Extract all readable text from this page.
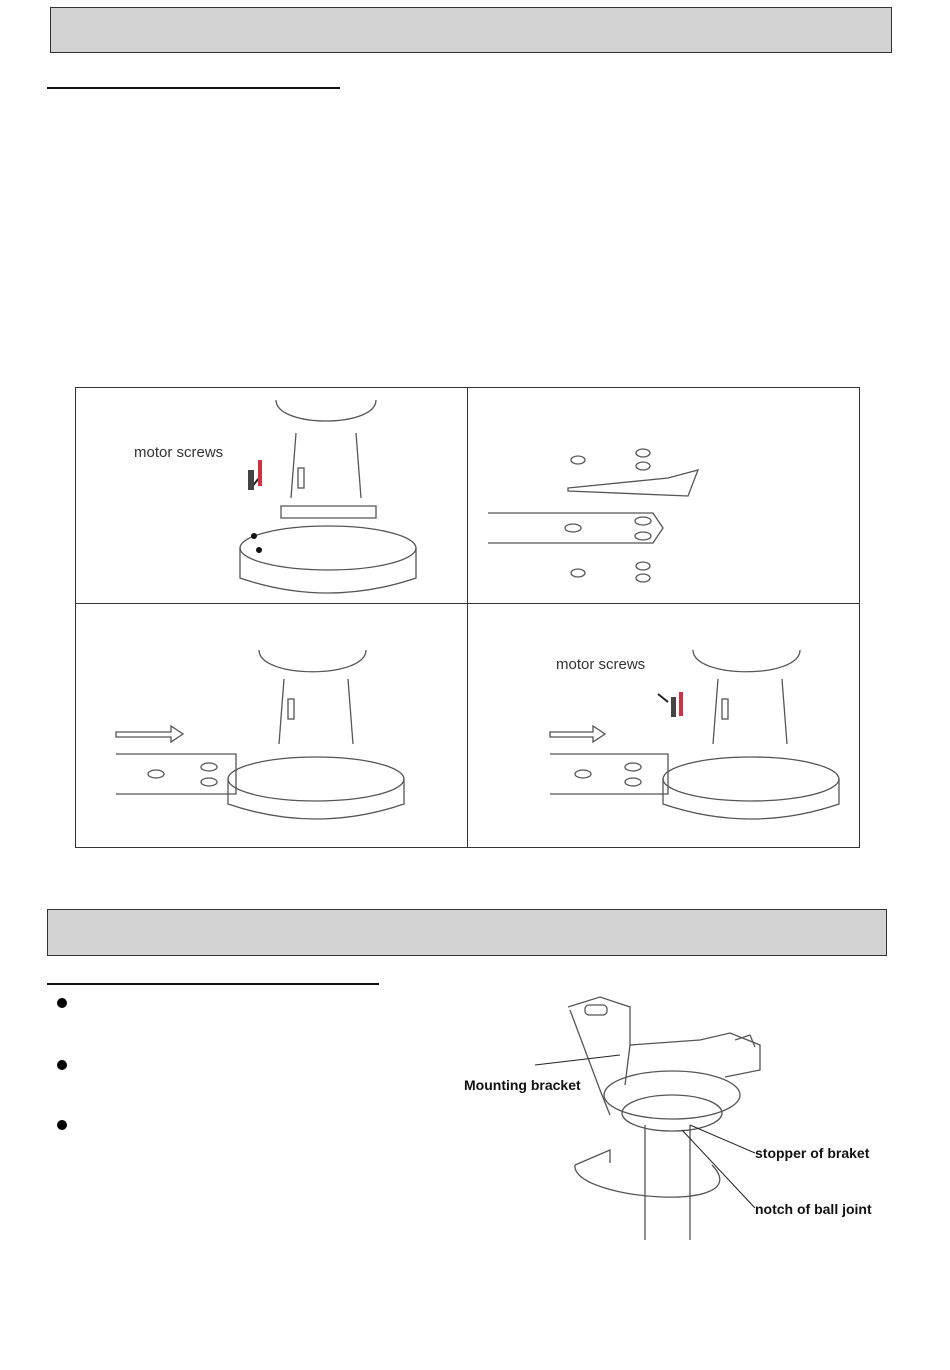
motor screws
motor screws
Mounting bracket
stopper of braket
notch of ball joint
